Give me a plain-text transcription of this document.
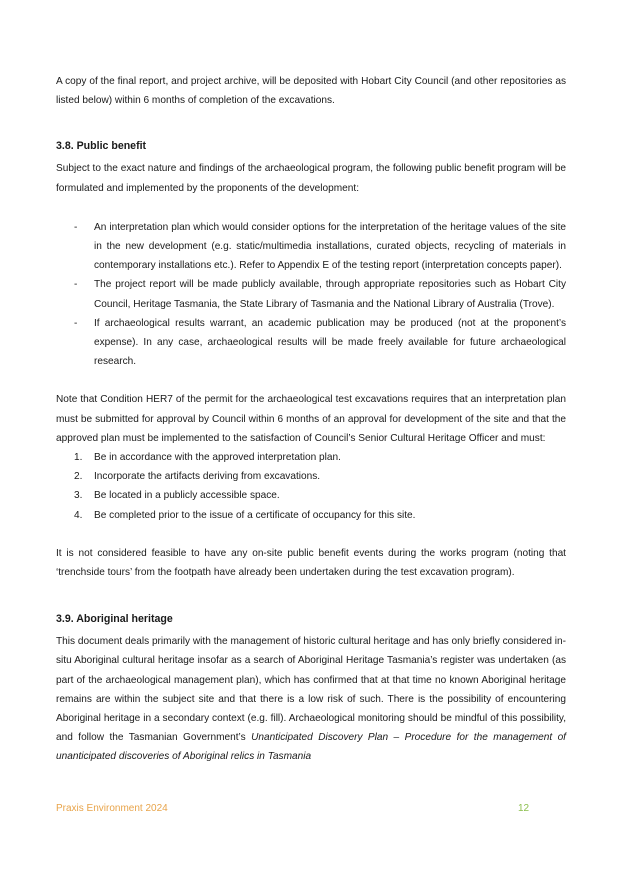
A copy of the final report, and project archive, will be deposited with Hobart City Council (and other repositories as listed below) within 6 months of completion of the excavations.

3.8. Public benefit

Subject to the exact nature and findings of the archaeological program, the following public benefit program will be formulated and implemented by the proponents of the development:

- An interpretation plan which would consider options for the interpretation of the heritage values of the site in the new development (e.g. static/multimedia installations, curated objects, recycling of materials in contemporary installations etc.). Refer to Appendix E of the testing report (interpretation concepts paper).
- The project report will be made publicly available, through appropriate repositories such as Hobart City Council, Heritage Tasmania, the State Library of Tasmania and the National Library of Australia (Trove).
- If archaeological results warrant, an academic publication may be produced (not at the proponent’s expense). In any case, archaeological results will be made freely available for future archaeological research.

Note that Condition HER7 of the permit for the archaeological test excavations requires that an interpretation plan must be submitted for approval by Council within 6 months of an approval for development of the site and that the approved plan must be implemented to the satisfaction of Council’s Senior Cultural Heritage Officer and must:

1. Be in accordance with the approved interpretation plan.
2. Incorporate the artifacts deriving from excavations.
3. Be located in a publicly accessible space.
4. Be completed prior to the issue of a certificate of occupancy for this site.

It is not considered feasible to have any on-site public benefit events during the works program (noting that ‘trenchside tours’ from the footpath have already been undertaken during the test excavation program).

3.9. Aboriginal heritage

This document deals primarily with the management of historic cultural heritage and has only briefly considered in-situ Aboriginal cultural heritage insofar as a search of Aboriginal Heritage Tasmania’s register was undertaken (as part of the archaeological management plan), which has confirmed that at that time no known Aboriginal heritage remains are within the subject site and that there is a low risk of such. There is the possibility of encountering Aboriginal heritage in a secondary context (e.g. fill). Archaeological monitoring should be mindful of this possibility, and follow the Tasmanian Government’s Unanticipated Discovery Plan – Procedure for the management of unanticipated discoveries of Aboriginal relics in Tasmania

Praxis Environment 2024	12
